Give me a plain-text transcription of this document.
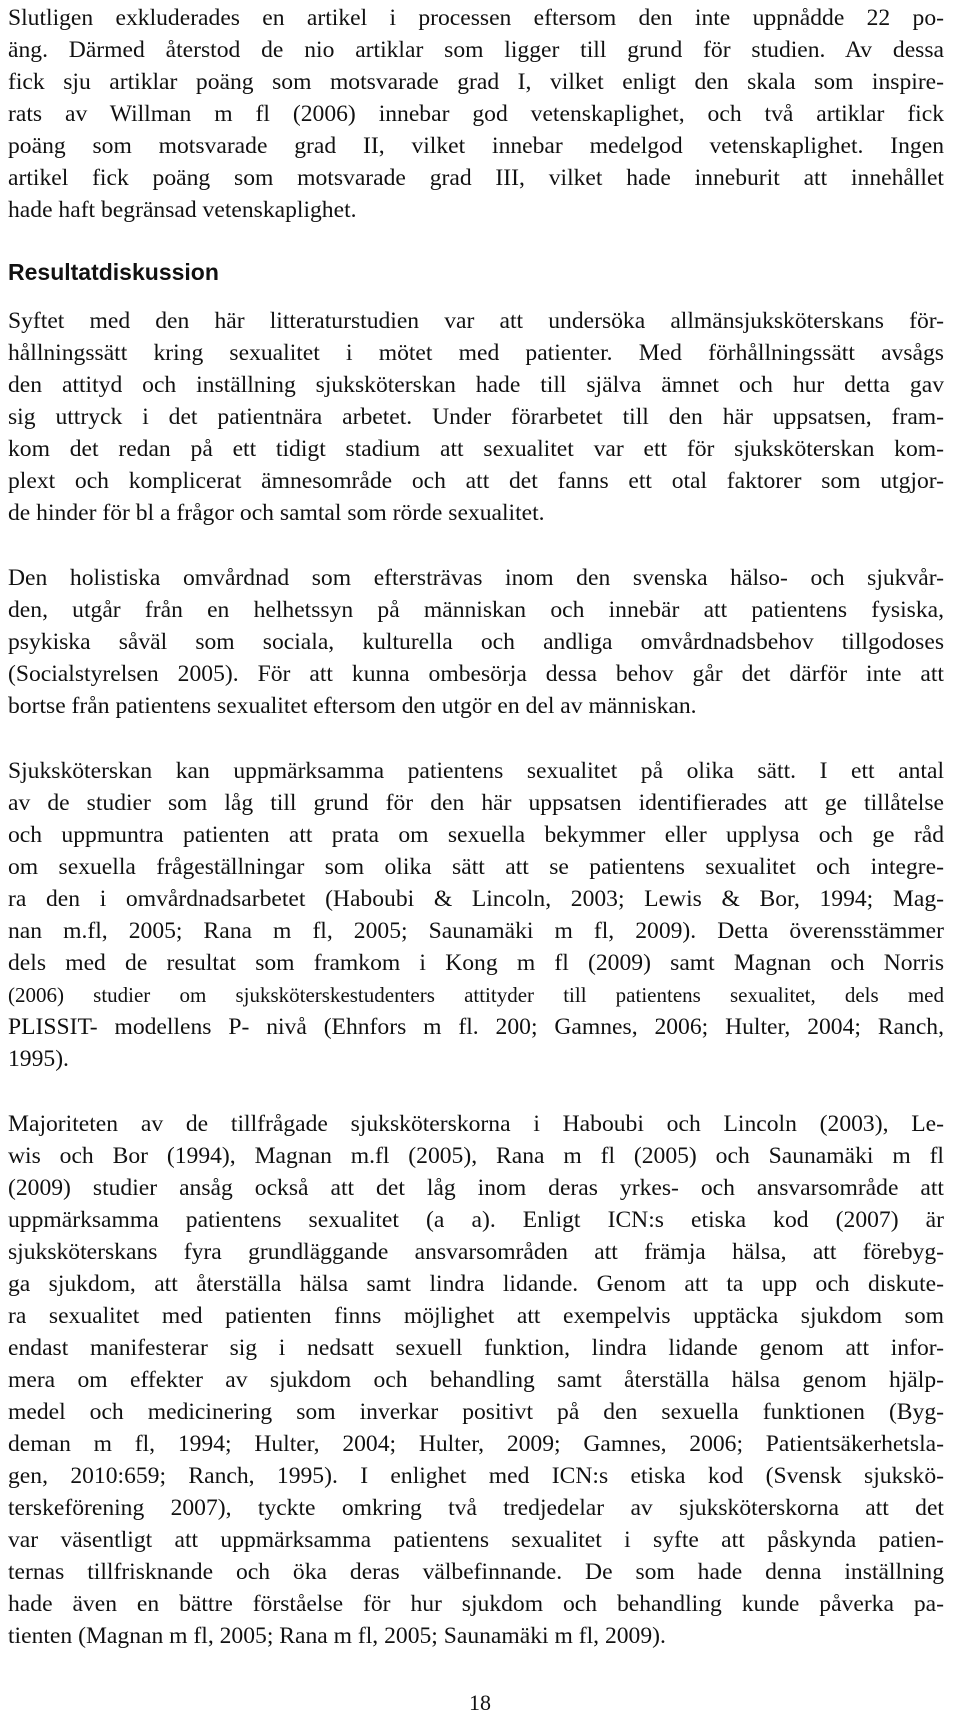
Slutligen exkluderades en artikel i processen eftersom den inte uppnådde 22 po-
äng. Därmed återstod de nio artiklar som ligger till grund för studien. Av dessa
fick sju artiklar poäng som motsvarade grad I, vilket enligt den skala som inspire-
rats av Willman m fl (2006) innebar god vetenskaplighet, och två artiklar fick
poäng som motsvarade grad II, vilket innebar medelgod vetenskaplighet. Ingen
artikel fick poäng som motsvarade grad III, vilket hade inneburit att innehållet
hade haft begränsad vetenskaplighet.
Resultatdiskussion
Syftet med den här litteraturstudien var att undersöka allmänsjuksköterskans för-
hållningssätt kring sexualitet i mötet med patienter. Med förhållningssätt avsågs
den attityd och inställning sjuksköterskan hade till själva ämnet och hur detta gav
sig uttryck i det patientnära arbetet. Under förarbetet till den här uppsatsen, fram-
kom det redan på ett tidigt stadium att sexualitet var ett för sjuksköterskan kom-
plext och komplicerat ämnesområde och att det fanns ett otal faktorer som utgjor-
de hinder för bl a frågor och samtal som rörde sexualitet.
Den holistiska omvårdnad som eftersträvas inom den svenska hälso- och sjukvår-
den, utgår från en helhetssyn på människan och innebär att patientens fysiska,
psykiska såväl som sociala, kulturella och andliga omvårdnadsbehov tillgodoses
(Socialstyrelsen 2005). För att kunna ombesörja dessa behov går det därför inte att
bortse från patientens sexualitet eftersom den utgör en del av människan.
Sjuksköterskan kan uppmärksamma patientens sexualitet på olika sätt. I ett antal
av de studier som låg till grund för den här uppsatsen identifierades att ge tillåtelse
och uppmuntra patienten att prata om sexuella bekymmer eller upplysa och ge råd
om sexuella frågeställningar som olika sätt att se patientens sexualitet och integre-
ra den i omvårdnadsarbetet (Haboubi & Lincoln, 2003; Lewis & Bor, 1994; Mag-
nan m.fl, 2005; Rana m fl, 2005; Saunamäki m fl, 2009). Detta överensstämmer
dels med de resultat som framkom i Kong m fl (2009) samt Magnan och Norris
(2006) studier om sjuksköterskestudenters attityder till patientens sexualitet, dels med
PLISSIT- modellens P- nivå (Ehnfors m fl. 200; Gamnes, 2006; Hulter, 2004; Ranch,
1995).
Majoriteten av de tillfrågade sjuksköterskorna i Haboubi och Lincoln (2003), Le-
wis och Bor (1994), Magnan m.fl (2005), Rana m fl (2005) och Saunamäki m fl
(2009) studier ansåg också att det låg inom deras yrkes- och ansvarsområde att
uppmärksamma patientens sexualitet (a a). Enligt ICN:s etiska kod (2007) är
sjuksköterskans fyra grundläggande ansvarsområden att främja hälsa, att förebyg-
ga sjukdom, att återställa hälsa samt lindra lidande. Genom att ta upp och diskute-
ra sexualitet med patienten finns möjlighet att exempelvis upptäcka sjukdom som
endast manifesterar sig i nedsatt sexuell funktion, lindra lidande genom att infor-
mera om effekter av sjukdom och behandling samt återställa hälsa genom hjälp-
medel och medicinering som inverkar positivt på den sexuella funktionen (Byg-
deman m fl, 1994; Hulter, 2004; Hulter, 2009; Gamnes, 2006; Patientsäkerhetsla-
gen, 2010:659; Ranch, 1995). I enlighet med ICN:s etiska kod (Svensk sjukskö-
terskeförening 2007), tyckte omkring två tredjedelar av sjuksköterskorna att det
var väsentligt att uppmärksamma patientens sexualitet i syfte att påskynda patien-
ternas tillfrisknande och öka deras välbefinnande. De som hade denna inställning
hade även en bättre förståelse för hur sjukdom och behandling kunde påverka pa-
tienten (Magnan m fl, 2005; Rana m fl, 2005; Saunamäki m fl, 2009).
18
